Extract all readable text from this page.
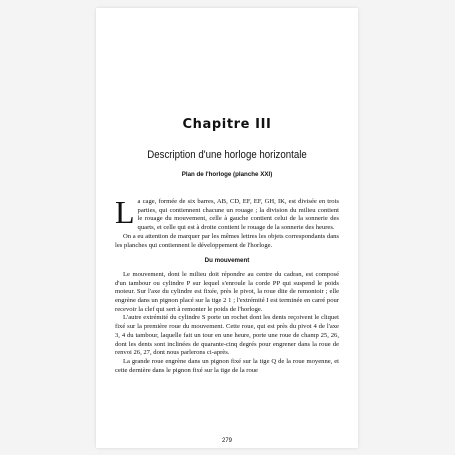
Chapitre III
Description d'une horloge horizontale
Plan de l'horloge (planche XXI)

La cage, formée de six barres, AB, CD, EF, EF, GH, IK, est divisée en trois parties, qui contiennent chacune un rouage ; la division du milieu contient le rouage du mouvement, celle à gauche contient celui de la sonnerie des quarts, et celle qui est à droite contient le rouage de la sonnerie des heures.

On a eu attention de marquer par les mêmes lettres les objets correspondants dans les planches qui contiennent le développement de l'horloge.

Du mouvement

Le mouvement, dont le milieu doit répondre au centre du cadran, est composé d'un tambour ou cylindre P sur lequel s'enroule la corde PP qui suspend le poids moteur. Sur l'axe du cylindre est fixée, près le pivot, la roue dite de remontoir ; elle engrène dans un pignon placé sur la tige 2 1 ; l'extrémité I est terminée en carré pour recevoir la clef qui sert à remonter le poids de l'horloge.

L'autre extrémité du cylindre S porte un rochet dont les dents reçoivent le cliquet fixé sur la première roue du mouvement. Cette roue, qui est près du pivot 4 de l'axe 3, 4 du tambour, laquelle fait un tour en une heure, porte une roue de champ 25, 26, dont les dents sont inclinées de quarante-cinq degrés pour engrener dans la roue de renvoi 26, 27, dont nous parlerons ci-après.

La grande roue engrène dans un pignon fixé sur la tige Q de la roue moyenne, et cette dernière dans le pignon fixé sur la tige de la roue

279
